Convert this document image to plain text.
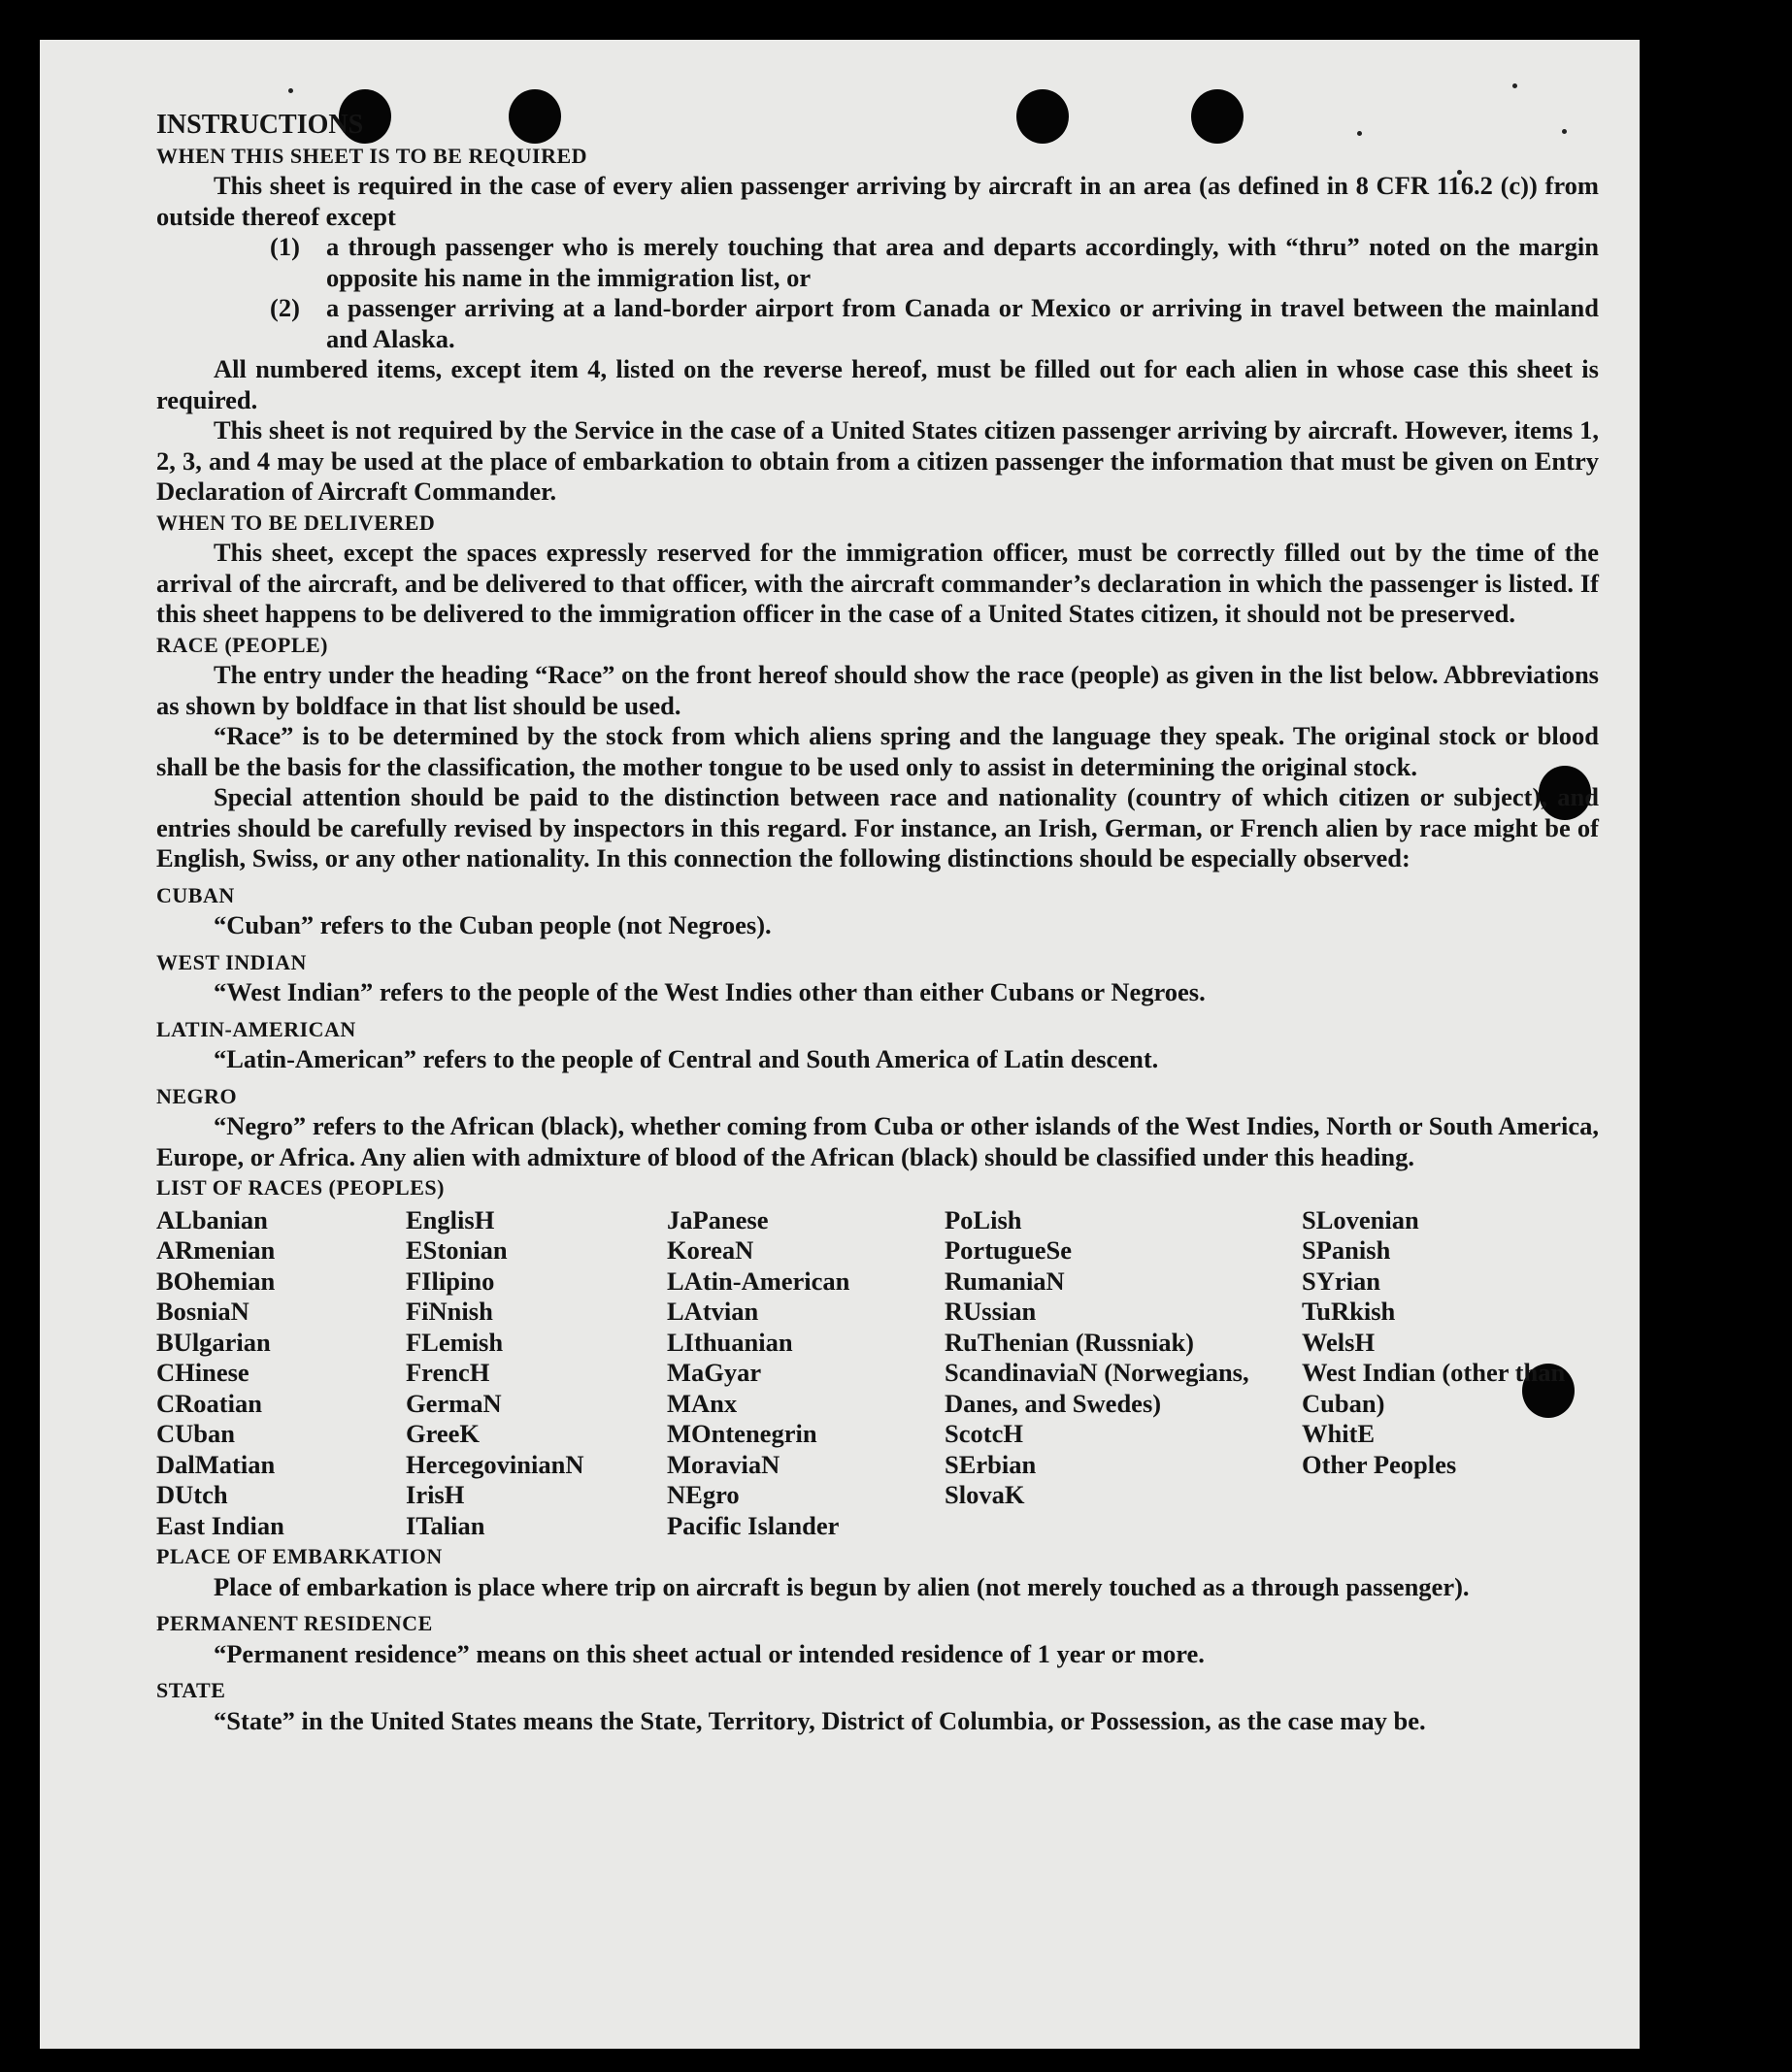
INSTRUCTIONS

WHEN THIS SHEET IS TO BE REQUIRED

This sheet is required in the case of every alien passenger arriving by aircraft in an area (as defined in 8 CFR 116.2 (c)) from outside thereof except

(1)	a through passenger who is merely touching that area and departs accordingly, with “thru” noted on the margin opposite his name in the immigration list, or
(2)	a passenger arriving at a land-border airport from Canada or Mexico or arriving in travel between the mainland and Alaska.

All numbered items, except item 4, listed on the reverse hereof, must be filled out for each alien in whose case this sheet is required.

This sheet is not required by the Service in the case of a United States citizen passenger arriving by aircraft. However, items 1, 2, 3, and 4 may be used at the place of embarkation to obtain from a citizen passenger the information that must be given on Entry Declaration of Aircraft Commander.

WHEN TO BE DELIVERED

This sheet, except the spaces expressly reserved for the immigration officer, must be correctly filled out by the time of the arrival of the aircraft, and be delivered to that officer, with the aircraft commander’s declaration in which the passenger is listed. If this sheet happens to be delivered to the immigration officer in the case of a United States citizen, it should not be preserved.

RACE (PEOPLE)

The entry under the heading “Race” on the front hereof should show the race (people) as given in the list below. Abbreviations as shown by boldface in that list should be used.

“Race” is to be determined by the stock from which aliens spring and the language they speak. The original stock or blood shall be the basis for the classification, the mother tongue to be used only to assist in determining the original stock.

Special attention should be paid to the distinction between race and nationality (country of which citizen or subject), and entries should be carefully revised by inspectors in this regard. For instance, an Irish, German, or French alien by race might be of English, Swiss, or any other nationality. In this connection the following distinctions should be especially observed:

CUBAN

“Cuban” refers to the Cuban people (not Negroes).

WEST INDIAN

“West Indian” refers to the people of the West Indies other than either Cubans or Negroes.

LATIN-AMERICAN

“Latin-American” refers to the people of Central and South America of Latin descent.

NEGRO

“Negro” refers to the African (black), whether coming from Cuba or other islands of the West Indies, North or South America, Europe, or Africa. Any alien with admixture of blood of the African (black) should be classified under this heading.

LIST OF RACES (PEOPLES)

ALbanian
ARmenian
BOhemian
BosniaN
BUlgarian
CHinese
CRoatian
CUban
DalMatian
DUtch
East Indian
EnglisH
EStonian
FIlipino
FiNnish
FLemish
FrencH
GermaN
GreeK
HercegovinianN
IrisH
ITalian
JaPanese
KoreaN
LAtin-American
LAtvian
LIthuanian
MaGyar
MAnx
MOntenegrin
MoraviaN
NEgro
Pacific Islander
PoLish
PortugueSe
RumaniaN
RUssian
RuThenian (Russniak)
ScandinaviaN (Norwegians, Danes, and Swedes)
ScotcH
SErbian
SlovaK
SLovenian
SPanish
SYrian
TuRkish
WelsH
West Indian (other than Cuban)
WhitE
Other Peoples

PLACE OF EMBARKATION

Place of embarkation is place where trip on aircraft is begun by alien (not merely touched as a through passenger).

PERMANENT RESIDENCE

“Permanent residence” means on this sheet actual or intended residence of 1 year or more.

STATE

“State” in the United States means the State, Territory, District of Columbia, or Possession, as the case may be.
